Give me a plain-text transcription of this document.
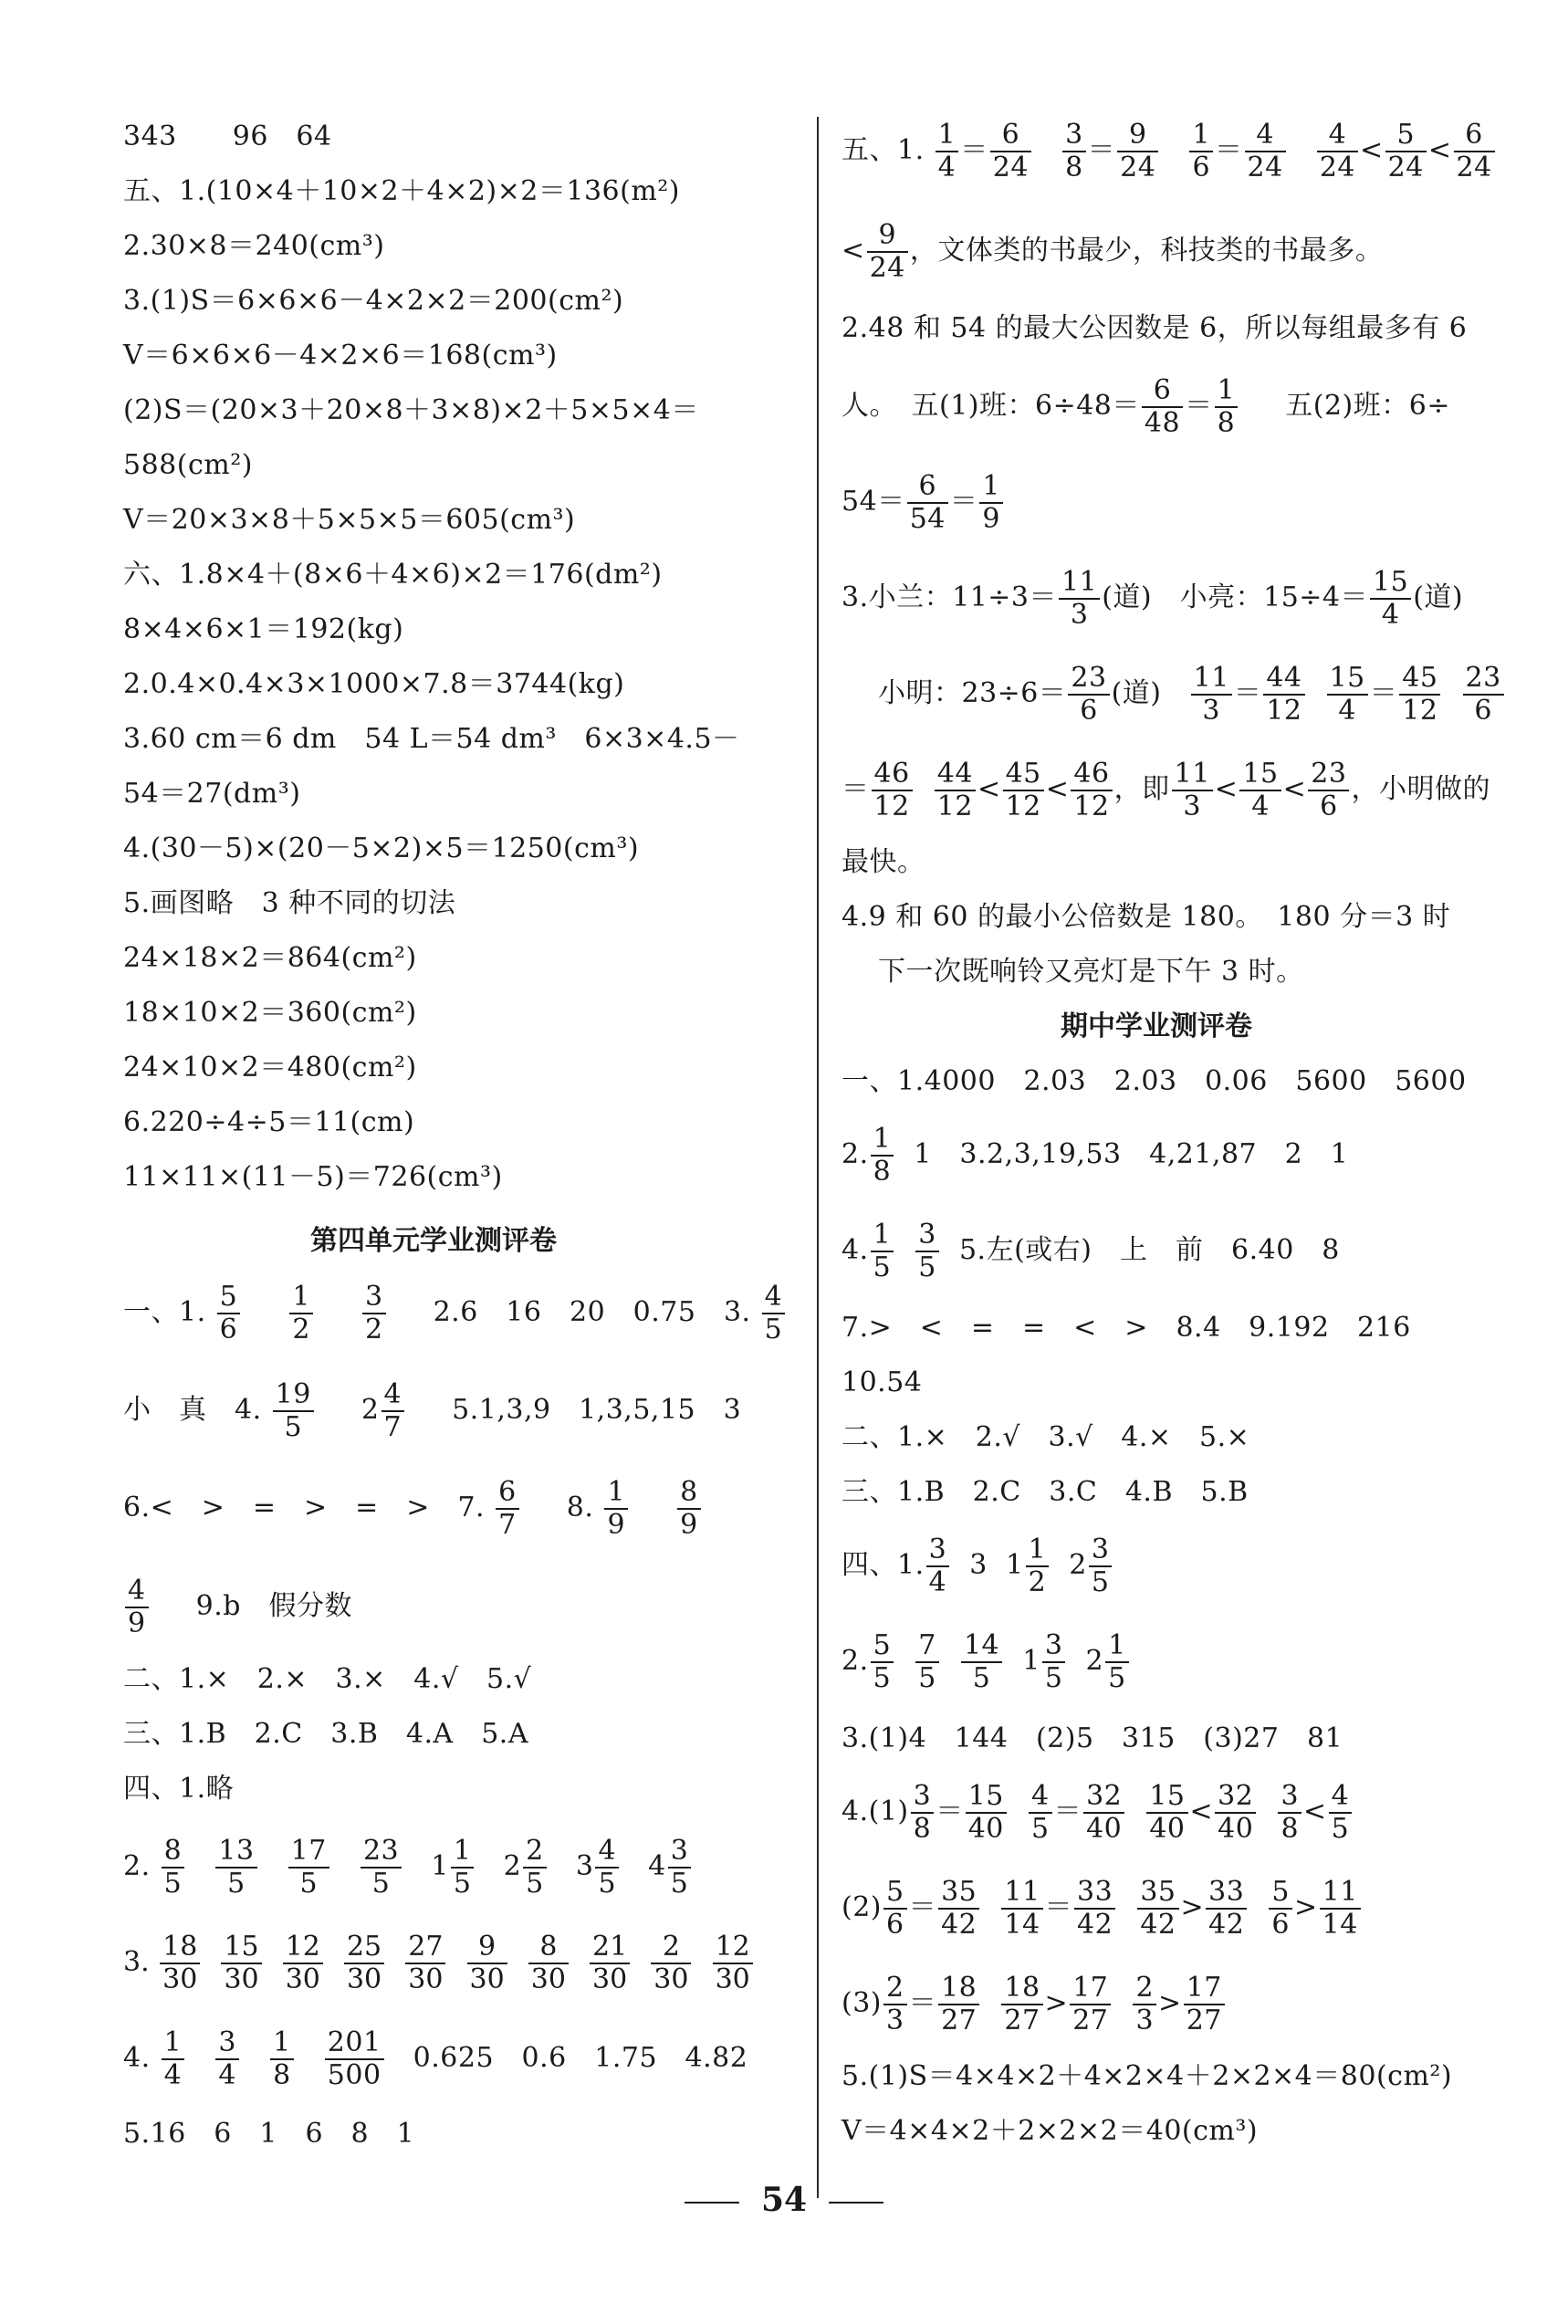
343　　96　64
五、1.(10×4＋10×2＋4×2)×2＝136(m²)
2.30×8＝240(cm³)
3.(1)S＝6×6×6－4×2×2＝200(cm²)
V＝6×6×6－4×2×6＝168(cm³)
(2)S＝(20×3＋20×8＋3×8)×2＋5×5×4＝
588(cm²)
V＝20×3×8＋5×5×5＝605(cm³)
六、1.8×4＋(8×6＋4×6)×2＝176(dm²)
8×4×6×1＝192(kg)
2.0.4×0.4×3×1000×7.8＝3744(kg)
3.60 cm＝6 dm　54 L＝54 dm³　6×3×4.5－
54＝27(dm³)
4.(30－5)×(20－5×2)×5＝1250(cm³)
5.画图略　3 种不同的切法
24×18×2＝864(cm²)
18×10×2＝360(cm²)
24×10×2＝480(cm²)
6.220÷4÷5＝11(cm)
11×11×(11－5)＝726(cm³)
第四单元学业测评卷
一、1. $\frac{5}{6}$
$\frac{1}{2}$
$\frac{3}{2} 2.6$　16　20　0.75　3. $\frac{4}{5}$
小　真　4. $\frac{19}{5} 2 \frac{4}{7} 5.1,3,9$　1,3,5,15　3
6.<　>　=　>　=　>　7. $\frac{6}{7} 8$. $\frac{1}{9}$
$\frac{8}{9}$
$\frac{4}{9} 9.b$　假分数
二、1.×　2.×　3.×　4.√　5.√
三、1.B　2.C　3.B　4.A　5.A
四、1.略
2. $\frac{8}{5}$
$\frac{13}{5}$
$\frac{17}{5}$
$\frac{23}{5} 1 \frac{1}{5} 2 \frac{2}{5} 3 \frac{4}{5} 4 \frac{3}{5}$
3. $\frac{18}{30}$
$\frac{15}{30}$
$\frac{12}{30}$
$\frac{25}{30}$
$\frac{27}{30}$
$\frac{9}{30}$
$\frac{8}{30}$
$\frac{21}{30}$
$\frac{2}{30}$
$\frac{12}{30}$
4. $\frac{1}{4}$
$\frac{3}{4}$
$\frac{1}{8}$
$\frac{201}{500} 0.625$　0.6　1.75　4.82
5.16　6　1　6　8　1
五、1. $\frac{1}{4} = \frac{6}{24}$
$\frac{3}{8} = \frac{9}{24}$
$\frac{1}{6} = \frac{4}{24}$
$\frac{4}{24} < \frac{5}{24} < \frac{6}{24}$
< $\frac{9}{24}$ ，文体类的书最少，科技类的书最多。
2.48 和 54 的最大公因数是 6，所以每组最多有 6
人。　五(1)班：$6\div 48= \frac{6}{48} = \frac{1}{8}$ 五(2)班：6÷
$54= \frac{6}{54} = \frac{1}{9}$
3.小兰：$11\div 3= \frac{11}{3}$ (道)　小亮：$15\div 4= \frac{15}{4}$ (道)
小明：$23\div 6= \frac{23}{6}$ (道) $\frac{11}{3} = \frac{44}{12}$
$\frac{15}{4} = \frac{45}{12}$
$\frac{23}{6}$
＝ $\frac{46}{12}$
$\frac{44}{12} < \frac{45}{12} < \frac{46}{12}$ ，即 $\frac{11}{3} < \frac{15}{4} < \frac{23}{6}$ ，小明做的
最快。
4.9 和 60 的最小公倍数是 180。　180 分＝3 时
下一次既响铃又亮灯是下午 3 时。
期中学业测评卷
一、1.4000　2.03　2.03　0.06　5600　5600
2. $\frac{1}{8} 1$　3.2,3,19,53　4,21,87　2　1
4. $\frac{1}{5}$
$\frac{3}{5} 5$.左(或右)　上　前　6.40　8
7.>　<　=　=　<　>　8.4　9.192　216
10.54
二、1.×　2.√　3.√　4.×　5.×
三、1.B　2.C　3.C　4.B　5.B
四、1. $\frac{3}{4} 3$  $1 \frac{1}{2} 2 \frac{3}{5}$
2. $\frac{5}{5}$
$\frac{7}{5}$
$\frac{14}{5} 1 \frac{3}{5} 2 \frac{1}{5}$
3.(1)4　144　(2)5　315　(3)27　81
$4.(1) \frac{3}{8} = \frac{15}{40}$
$\frac{4}{5} = \frac{32}{40}$
$\frac{15}{40} < \frac{32}{40}$
$\frac{3}{8} < \frac{4}{5}$
$(2) \frac{5}{6} = \frac{35}{42}$
$\frac{11}{14} = \frac{33}{42}$
$\frac{35}{42} > \frac{33}{42}$
$\frac{5}{6} > \frac{11}{14}$
$(3) \frac{2}{3} = \frac{18}{27}$
$\frac{18}{27} > \frac{17}{27}$
$\frac{2}{3} > \frac{17}{27}$
5.(1)S＝4×4×2＋4×2×4＋2×2×4＝80(cm²)
V＝4×4×2＋2×2×2＝40(cm³)
54
